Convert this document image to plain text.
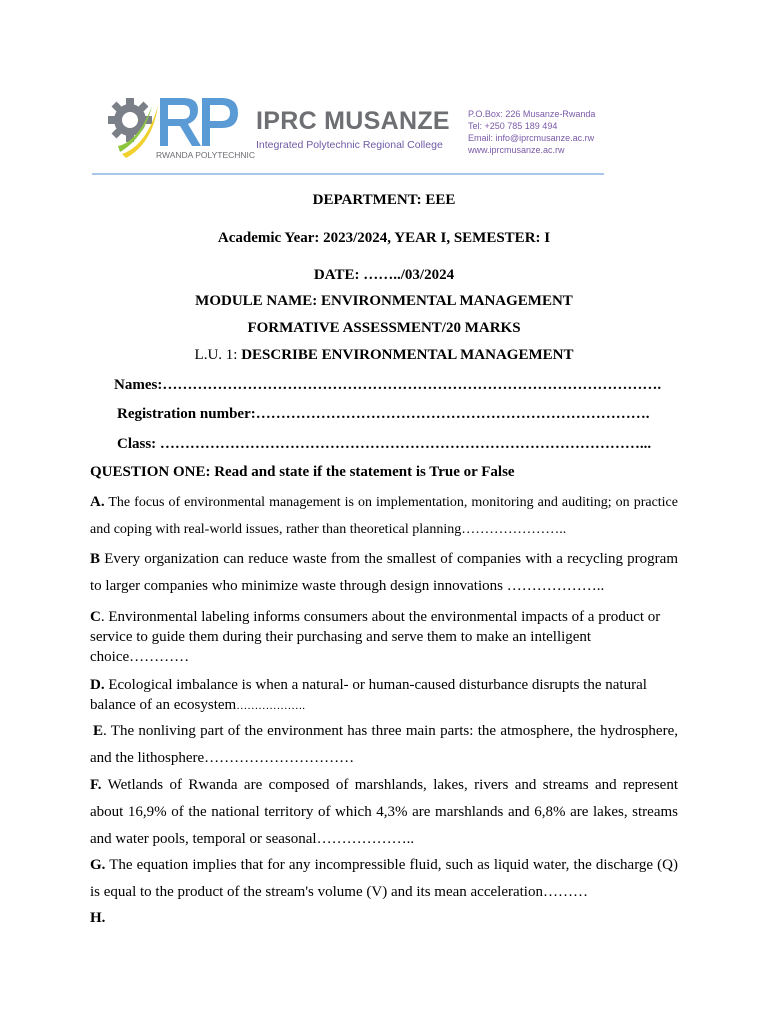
RWANDA POLYTECHNIC
IPRC MUSANZE
Integrated Polytechnic Regional College
P.O.Box: 226 Musanze-Rwanda
Tel: +250 785 189 494
Email: info@iprcmusanze.ac.rw
www.iprcmusanze.ac.rw
DEPARTMENT: EEE
Academic Year: 2023/2024, YEAR I, SEMESTER: I
DATE: ……../03/2024
MODULE NAME: ENVIRONMENTAL MANAGEMENT
FORMATIVE ASSESSMENT/20 MARKS
L.U. 1: DESCRIBE ENVIRONMENTAL MANAGEMENT
Names:……………………………………………………………………………………….
Registration number:…………………………………………………………………….
Class: ……………………………………………………………………………………...
QUESTION ONE: Read and state if the statement is True or False
A. The focus of environmental management is on implementation, monitoring and auditing; on practice and coping with real-world issues, rather than theoretical planning…………………..
B Every organization can reduce waste from the smallest of companies with a recycling program to larger companies who minimize waste through design innovations ………………..
C. Environmental labeling informs consumers about the environmental impacts of a product or service to guide them during their purchasing and serve them to make an intelligent choice…………
D. Ecological imbalance is when a natural- or human-caused disturbance disrupts the natural balance of an ecosystem……………….
E. The nonliving part of the environment has three main parts: the atmosphere, the hydrosphere, and the lithosphere…………………………
F. Wetlands of Rwanda are composed of marshlands, lakes, rivers and streams and represent about 16,9% of the national territory of which 4,3% are marshlands and 6,8% are lakes, streams and water pools, temporal or seasonal………………..
G. The equation implies that for any incompressible fluid, such as liquid water, the discharge (Q) is equal to the product of the stream's volume (V) and its mean acceleration………
H.
